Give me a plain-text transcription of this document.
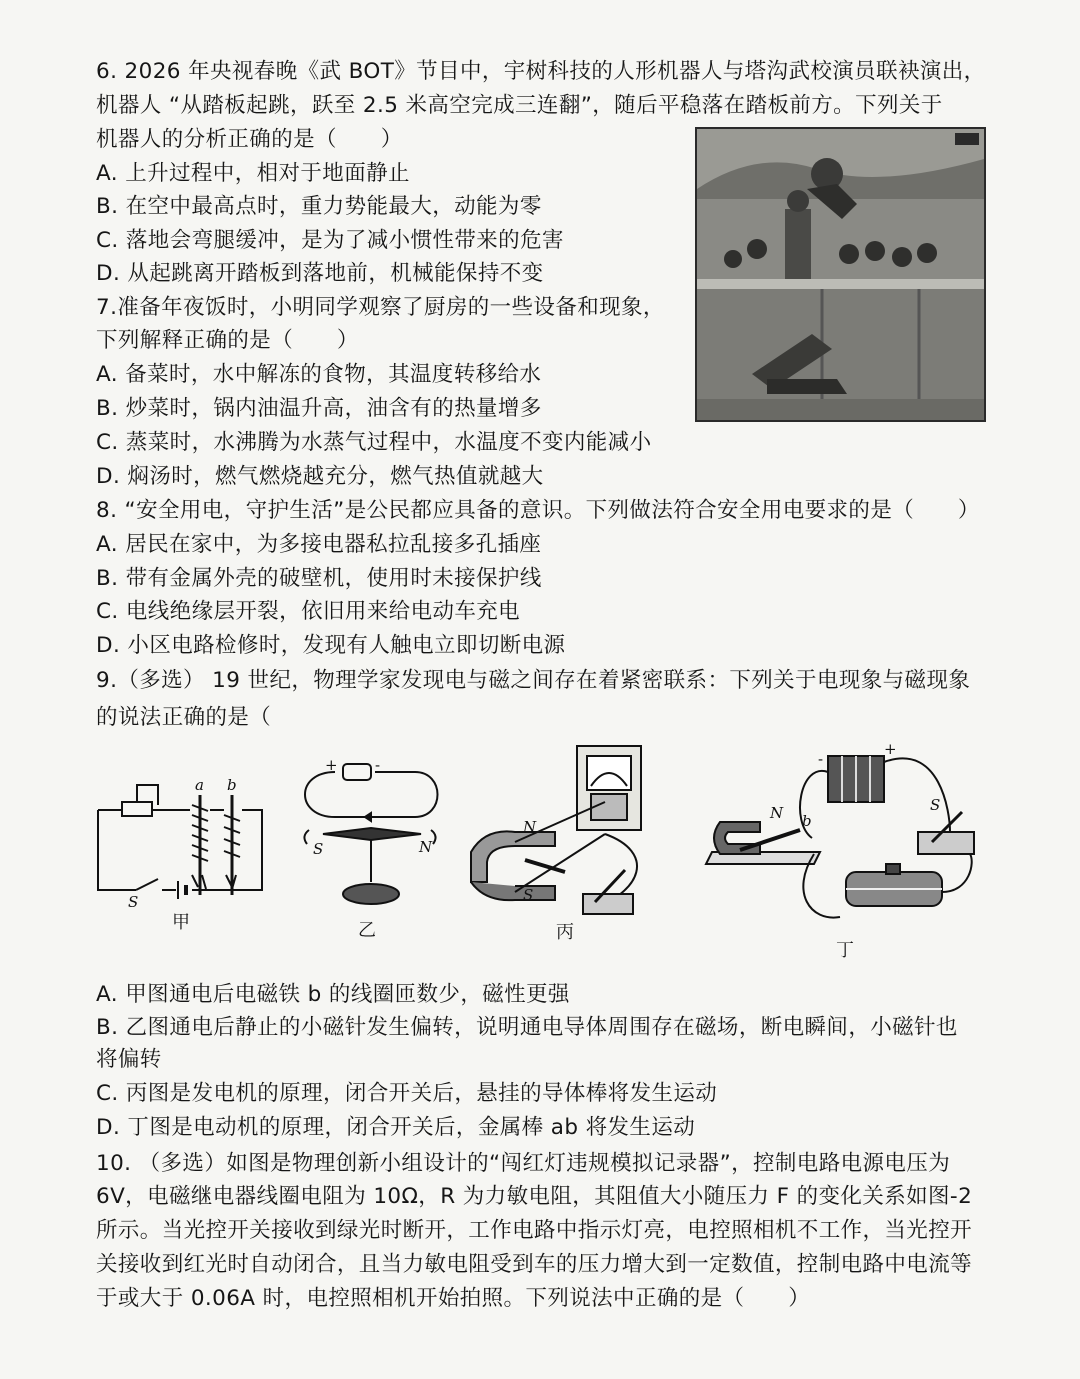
6. 2026 年央视春晚《武 BOT》节目中，宇树科技的人形机器人与塔沟武校演员联袂演出，
机器人 “从踏板起跳，跃至 2.5 米高空完成三连翻”，随后平稳落在踏板前方。下列关于
机器人的分析正确的是（　　）
A. 上升过程中，相对于地面静止
B. 在空中最高点时，重力势能最大，动能为零
C. 落地会弯腿缓冲，是为了减小惯性带来的危害
D. 从起跳离开踏板到落地前，机械能保持不变
7.准备年夜饭时，小明同学观察了厨房的一些设备和现象，
下列解释正确的是（　　）
A. 备菜时，水中解冻的食物，其温度转移给水
B. 炒菜时，锅内油温升高，油含有的热量增多
C. 蒸菜时，水沸腾为水蒸气过程中，水温度不变内能减小
D. 焖汤时，燃气燃烧越充分，燃气热值就越大
8. “安全用电，守护生活”是公民都应具备的意识。下列做法符合安全用电要求的是（　　）
A. 居民在家中，为多接电器私拉乱接多孔插座
B. 带有金属外壳的破壁机，使用时未接保护线
C. 电线绝缘层开裂，依旧用来给电动车充电
D. 小区电路检修时，发现有人触电立即切断电源
9.（多选） 19 世纪，物理学家发现电与磁之间存在着紧密联系：下列关于电现象与磁现象
的说法正确的是（
a b
S
甲
+ -
S	N
乙
N
S
丙
N b
-
+
S
丁
A. 甲图通电后电磁铁 b 的线圈匝数少，磁性更强
B. 乙图通电后静止的小磁针发生偏转，说明通电导体周围存在磁场，断电瞬间，小磁针也
将偏转
C. 丙图是发电机的原理，闭合开关后，悬挂的导体棒将发生运动
D. 丁图是电动机的原理，闭合开关后，金属棒 ab 将发生运动
10. （多选）如图是物理创新小组设计的“闯红灯违规模拟记录器”，控制电路电源电压为
6V，电磁继电器线圈电阻为 10Ω，R 为力敏电阻，其阻值大小随压力 F 的变化关系如图-2
所示。当光控开关接收到绿光时断开，工作电路中指示灯亮，电控照相机不工作，当光控开
关接收到红光时自动闭合，且当力敏电阻受到车的压力增大到一定数值，控制电路中电流等
于或大于 0.06A 时，电控照相机开始拍照。下列说法中正确的是（　　）
